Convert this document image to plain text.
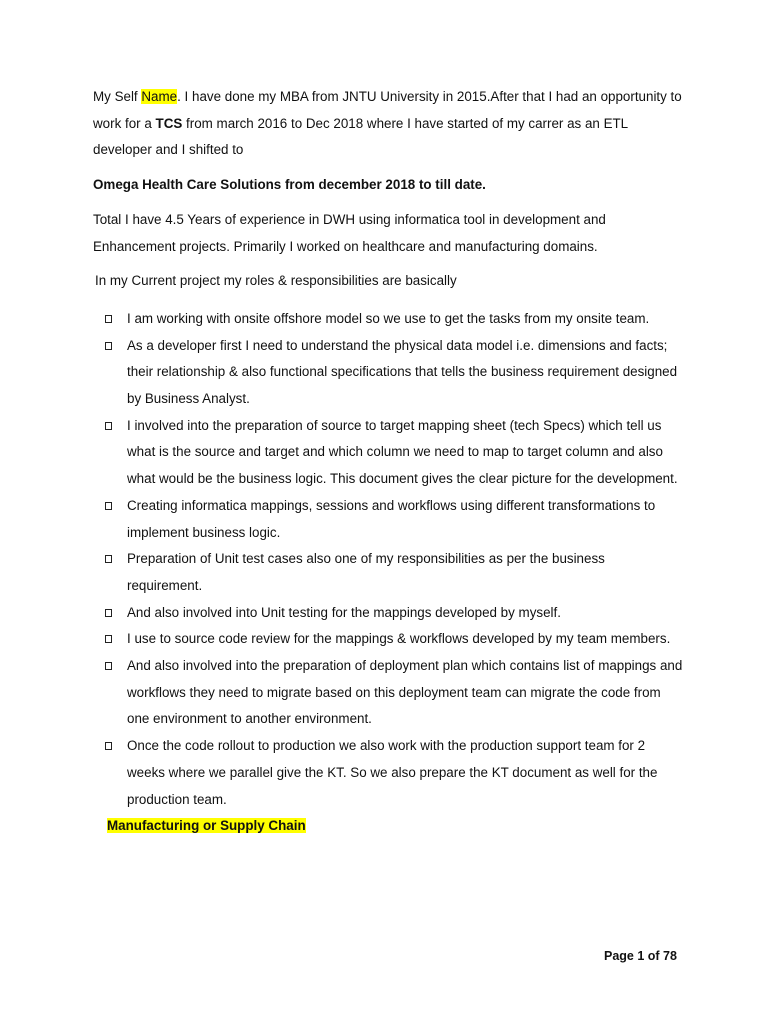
My Self Name. I have done my MBA from JNTU University in 2015.After that I had an opportunity to work for a TCS from march 2016 to Dec 2018 where I have started of my carrer as an ETL developer and I shifted to

Omega Health Care Solutions from december 2018 to till date.

Total I have 4.5 Years of experience in DWH using informatica tool in development and Enhancement projects. Primarily I worked on healthcare and manufacturing domains.

In my Current project my roles & responsibilities are basically

I am working with onsite offshore model so we use to get the tasks from my onsite team.
As a developer first I need to understand the physical data model i.e. dimensions and facts; their relationship & also functional specifications that tells the business requirement designed by Business Analyst.
I involved into the preparation of source to target mapping sheet (tech Specs) which tell us what is the source and target and which column we need to map to target column and also what would be the business logic. This document gives the clear picture for the development.
Creating informatica mappings, sessions and workflows using different transformations to implement business logic.
Preparation of Unit test cases also one of my responsibilities as per the business requirement.
And also involved into Unit testing for the mappings developed by myself.
I use to source code review for the mappings & workflows developed by my team members.
And also involved into the preparation of deployment plan which contains list of mappings and workflows they need to migrate based on this deployment team can migrate the code from one environment to another environment.
Once the code rollout to production we also work with the production support team for 2 weeks where we parallel give the KT. So we also prepare the KT document as well for the production team.

Manufacturing or Supply Chain

Page 1 of 78
